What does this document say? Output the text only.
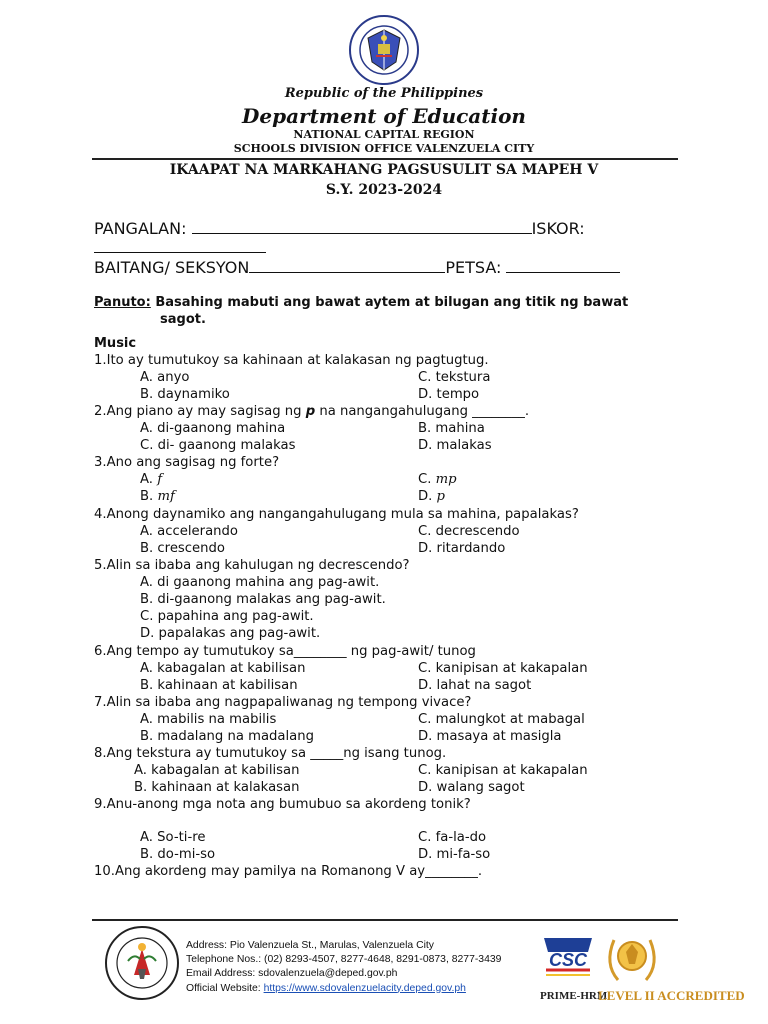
Republic of the Philippines
Department of Education
NATIONAL CAPITAL REGION
SCHOOLS DIVISION OFFICE VALENZUELA CITY
IKAAPAT NA MARKAHANG PAGSUSULIT SA MAPEH V
S.Y. 2023-2024
PANGALAN:	ISKOR:
BAITANG/ SEKSYON	PETSA:
Panuto: Basahing mabuti ang bawat aytem at bilugan ang titik ng bawat
sagot.
Music
1.Ito ay tumutukoy sa kahinaan at kalakasan ng pagtugtug.
A. anyo	C. tekstura
B. daynamiko	D. tempo
2.Ang piano ay may sagisag ng p na nangangahulugang ________.
A. di-gaanong mahina	B. mahina
C. di- gaanong malakas	D. malakas
3.Ano ang sagisag ng forte?
A. f	C. mp
B. mf	D. p
4.Anong daynamiko ang nangangahulugang mula sa mahina, papalakas?
A. accelerando	C. decrescendo
B. crescendo	D. ritardando
5.Alin sa ibaba ang kahulugan ng decrescendo?
A. di gaanong mahina ang pag-awit.
B. di-gaanong malakas ang pag-awit.
C. papahina ang pag-awit.
D. papalakas ang pag-awit.
6.Ang tempo ay tumutukoy sa________ ng pag-awit/ tunog
A. kabagalan at kabilisan	C. kanipisan at kakapalan
B. kahinaan at kabilisan	D. lahat na sagot
7.Alin sa ibaba ang nagpapaliwanag ng tempong vivace?
A. mabilis na mabilis	C. malungkot at mabagal
B. madalang na madalang	D. masaya at masigla
8.Ang tekstura ay tumutukoy sa _____ng isang tunog.
A. kabagalan at kabilisan	C. kanipisan at kakapalan
B. kahinaan at kalakasan	D. walang sagot
9.Anu-anong mga nota ang bumubuo sa akordeng tonik?
A. So-ti-re	C. fa-la-do
B. do-mi-so	D. mi-fa-so
10.Ang akordeng may pamilya na Romanong V ay________.
Address: Pio Valenzuela St., Marulas, Valenzuela City
Telephone Nos.: (02) 8293-4507, 8277-4648, 8291-0873, 8277-3439
Email Address: sdovalenzuela@deped.gov.ph
Official Website: https://www.sdovalenzuelacity.deped.gov.ph
CSC
PRIME-HRM
LEVEL II ACCREDITED
